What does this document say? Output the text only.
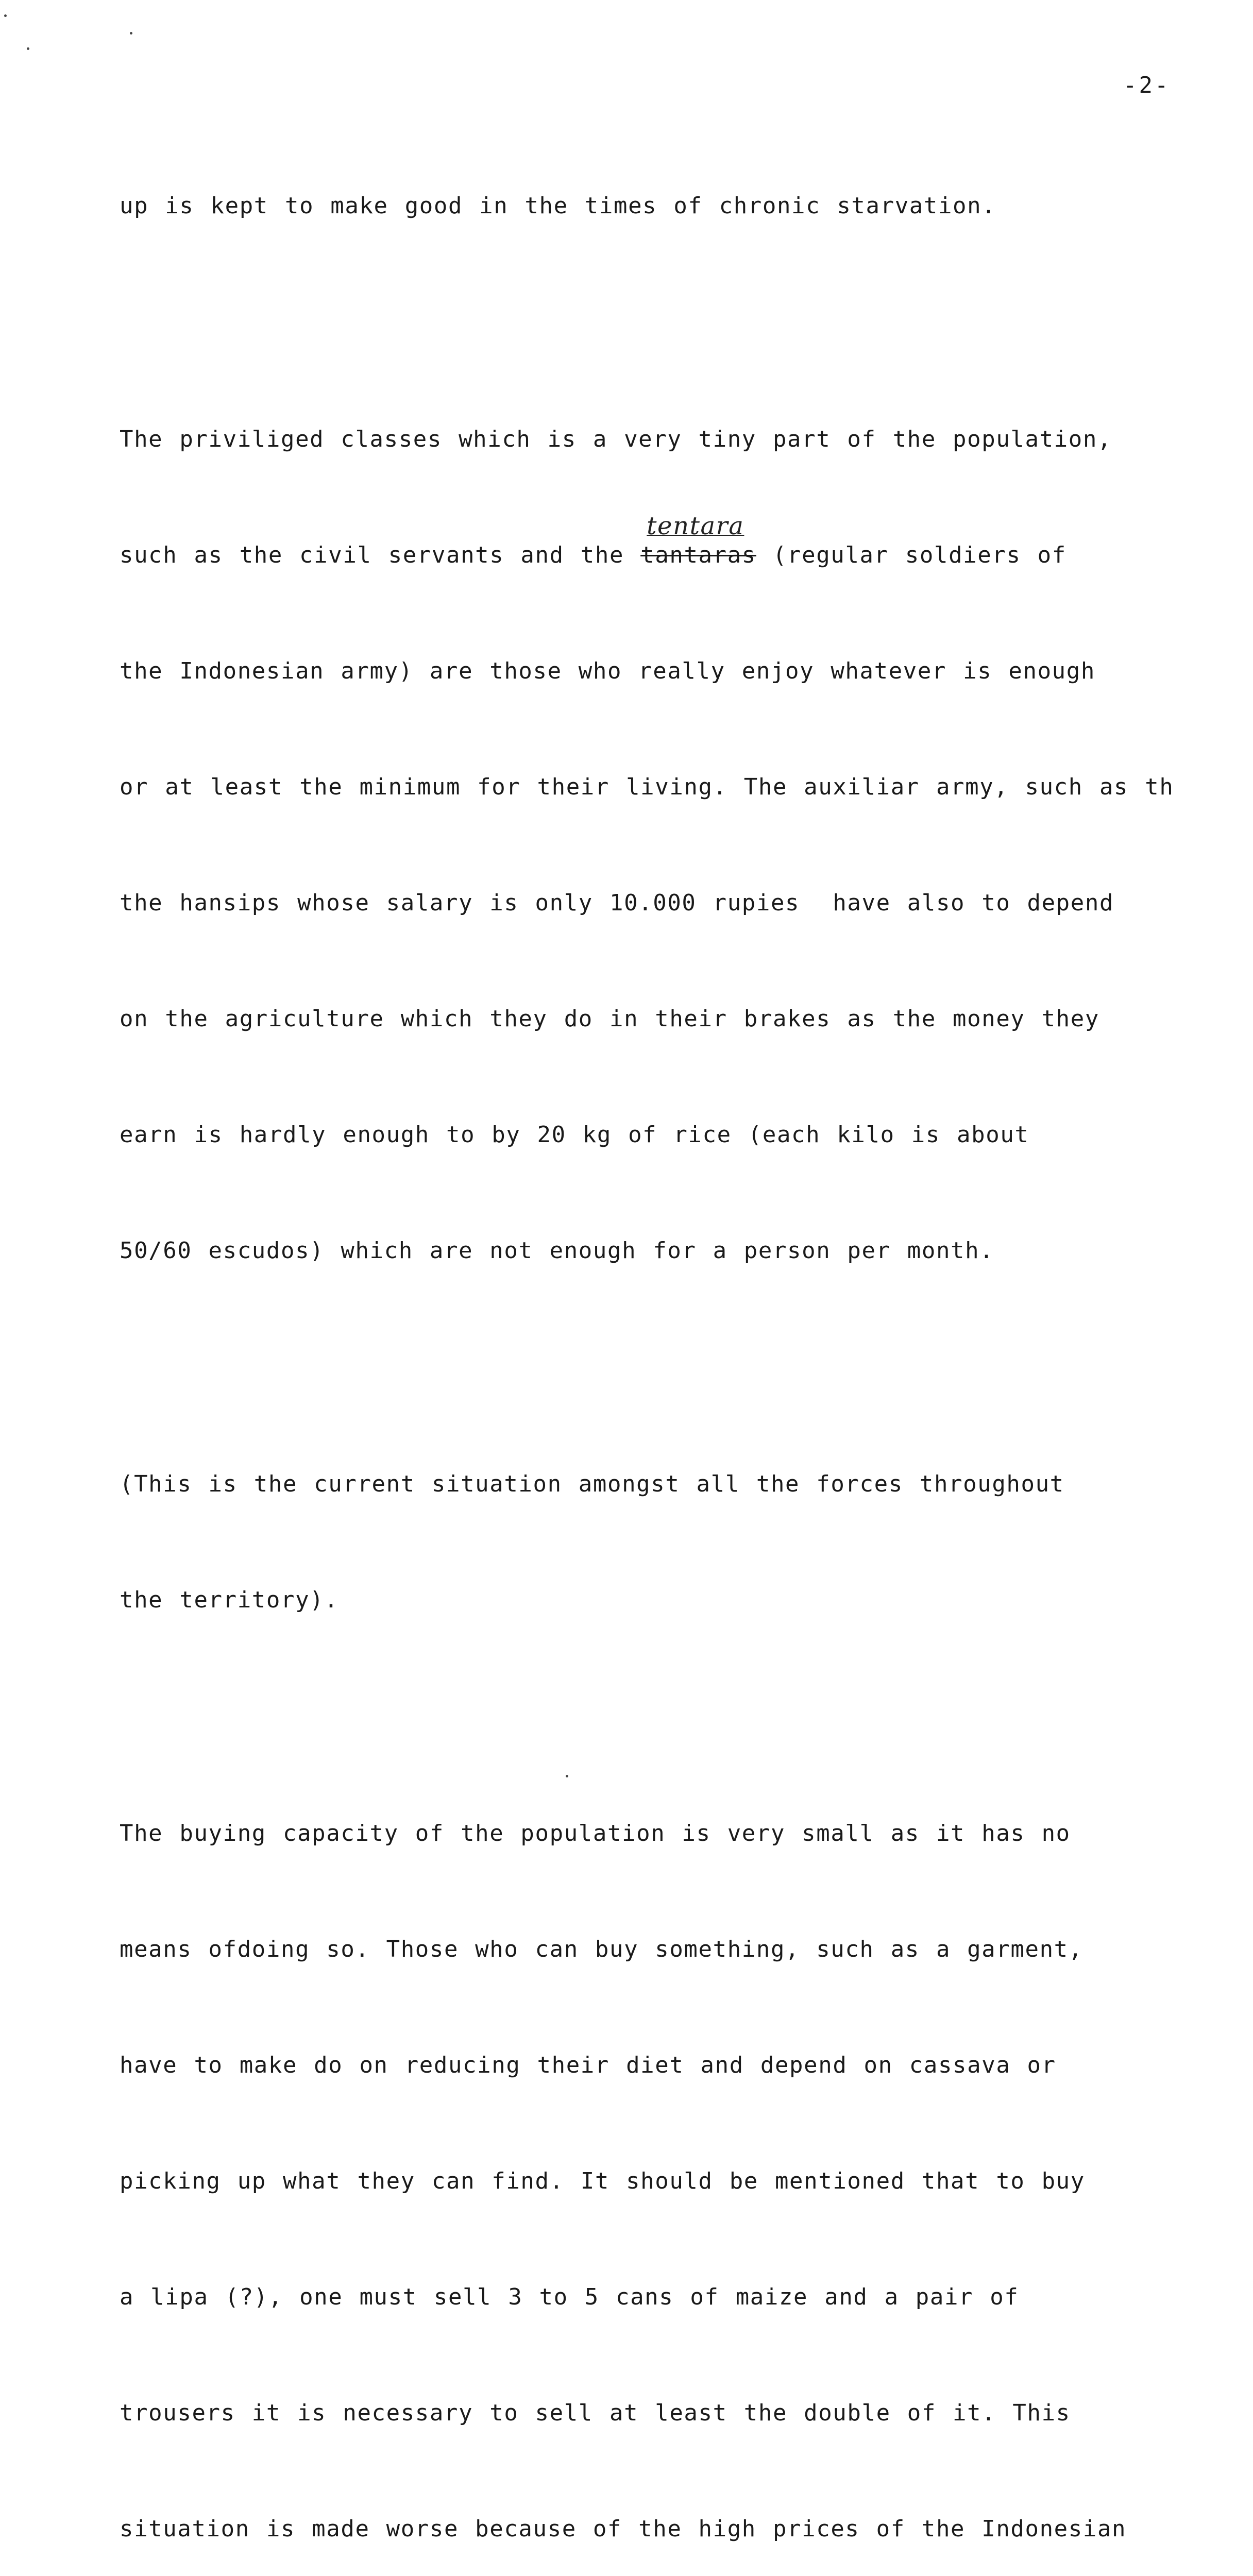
-2-

up is kept to make good in the times of chronic starvation.

The priviliged classes which is a very tiny part of the population,

such as the civil servants and the
tentara
tantaras (regular soldiers of

the Indonesian army) are those who really enjoy whatever is enough

or at least the minimum for their living. The auxiliar army, such as th

the hansips whose salary is only 10.000 rupies  have also to depend

on the agriculture which they do in their brakes as the money they

earn is hardly enough to by 20 kg of rice (each kilo is about

50/60 escudos) which are not enough for a person per month.

(This is the current situation amongst all the forces throughout

the territory).

The buying capacity of the population is very small as it has no

means ofdoing so. Those who can buy something, such as a garment,

have to make do on reducing their diet and depend on cassava or

picking up what they can find. It should be mentioned that to buy

a lipa (?), one must sell 3 to 5 cans of maize and a pair of

trousers it is necessary to sell at least the double of it. This

situation is made worse because of the high prices of the Indonesian
